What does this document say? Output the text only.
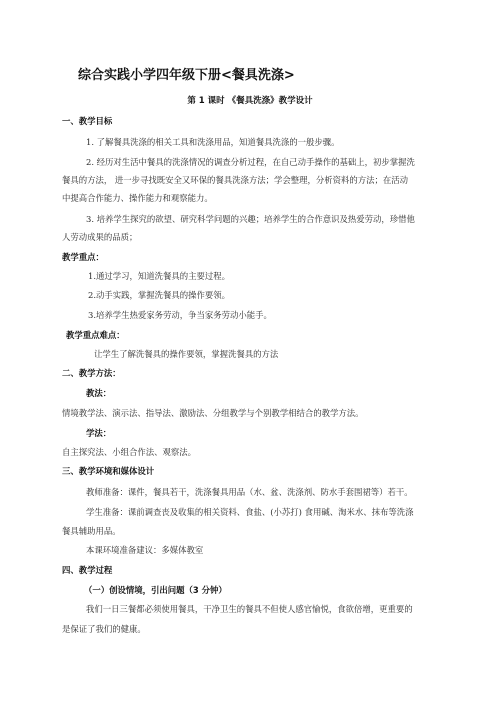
综合实践小学四年级下册<餐具洗涤>
第 1 课时 《餐具洗涤》教学设计
一、教学目标
1. 了解餐具洗涤的相关工具和洗涤用品，知道餐具洗涤的一般步骤。
2. 经历对生活中餐具的洗涤情况的调查分析过程，在自己动手操作的基础上，初步掌握洗
餐具的方法， 进一步寻找既安全又环保的餐具洗涤方法；学会整理，分析资料的方法；在活动
中提高合作能力、操作能力和观察能力。
3. 培养学生探究的欲望、研究科学问题的兴趣；培养学生的合作意识及热爱劳动，珍惜他
人劳动成果的品质；
教学重点：
1.通过学习，知道洗餐具的主要过程。
2.动手实践，掌握洗餐具的操作要领。
3.培养学生热爱家务劳动，争当家务劳动小能手。
教学重点难点：
让学生了解洗餐具的操作要领，掌握洗餐具的方法
二、教学方法：
教法：
情境教学法、演示法、指导法、激励法、分组教学与个别教学相结合的教学方法。
学法：
自主探究法、小组合作法、观察法。
三、教学环境和媒体设计
教师准备：课件，餐具若干，洗涤餐具用品（水、盆、洗涤剂、防水手套围裙等）若干。
学生准备：课前调查丧及收集的相关资料、食盐、(小苏打) 食用碱、淘米水、抹布等洗涤
餐具辅助用品。
本课环境准备建议：多媒体教室
四、教学过程
（一）创设情境，引出问题（3 分钟）
我们一日三餐都必须使用餐具，干净卫生的餐具不但使人感官愉悦，食欲倍增，更重要的
是保证了我们的健康。
